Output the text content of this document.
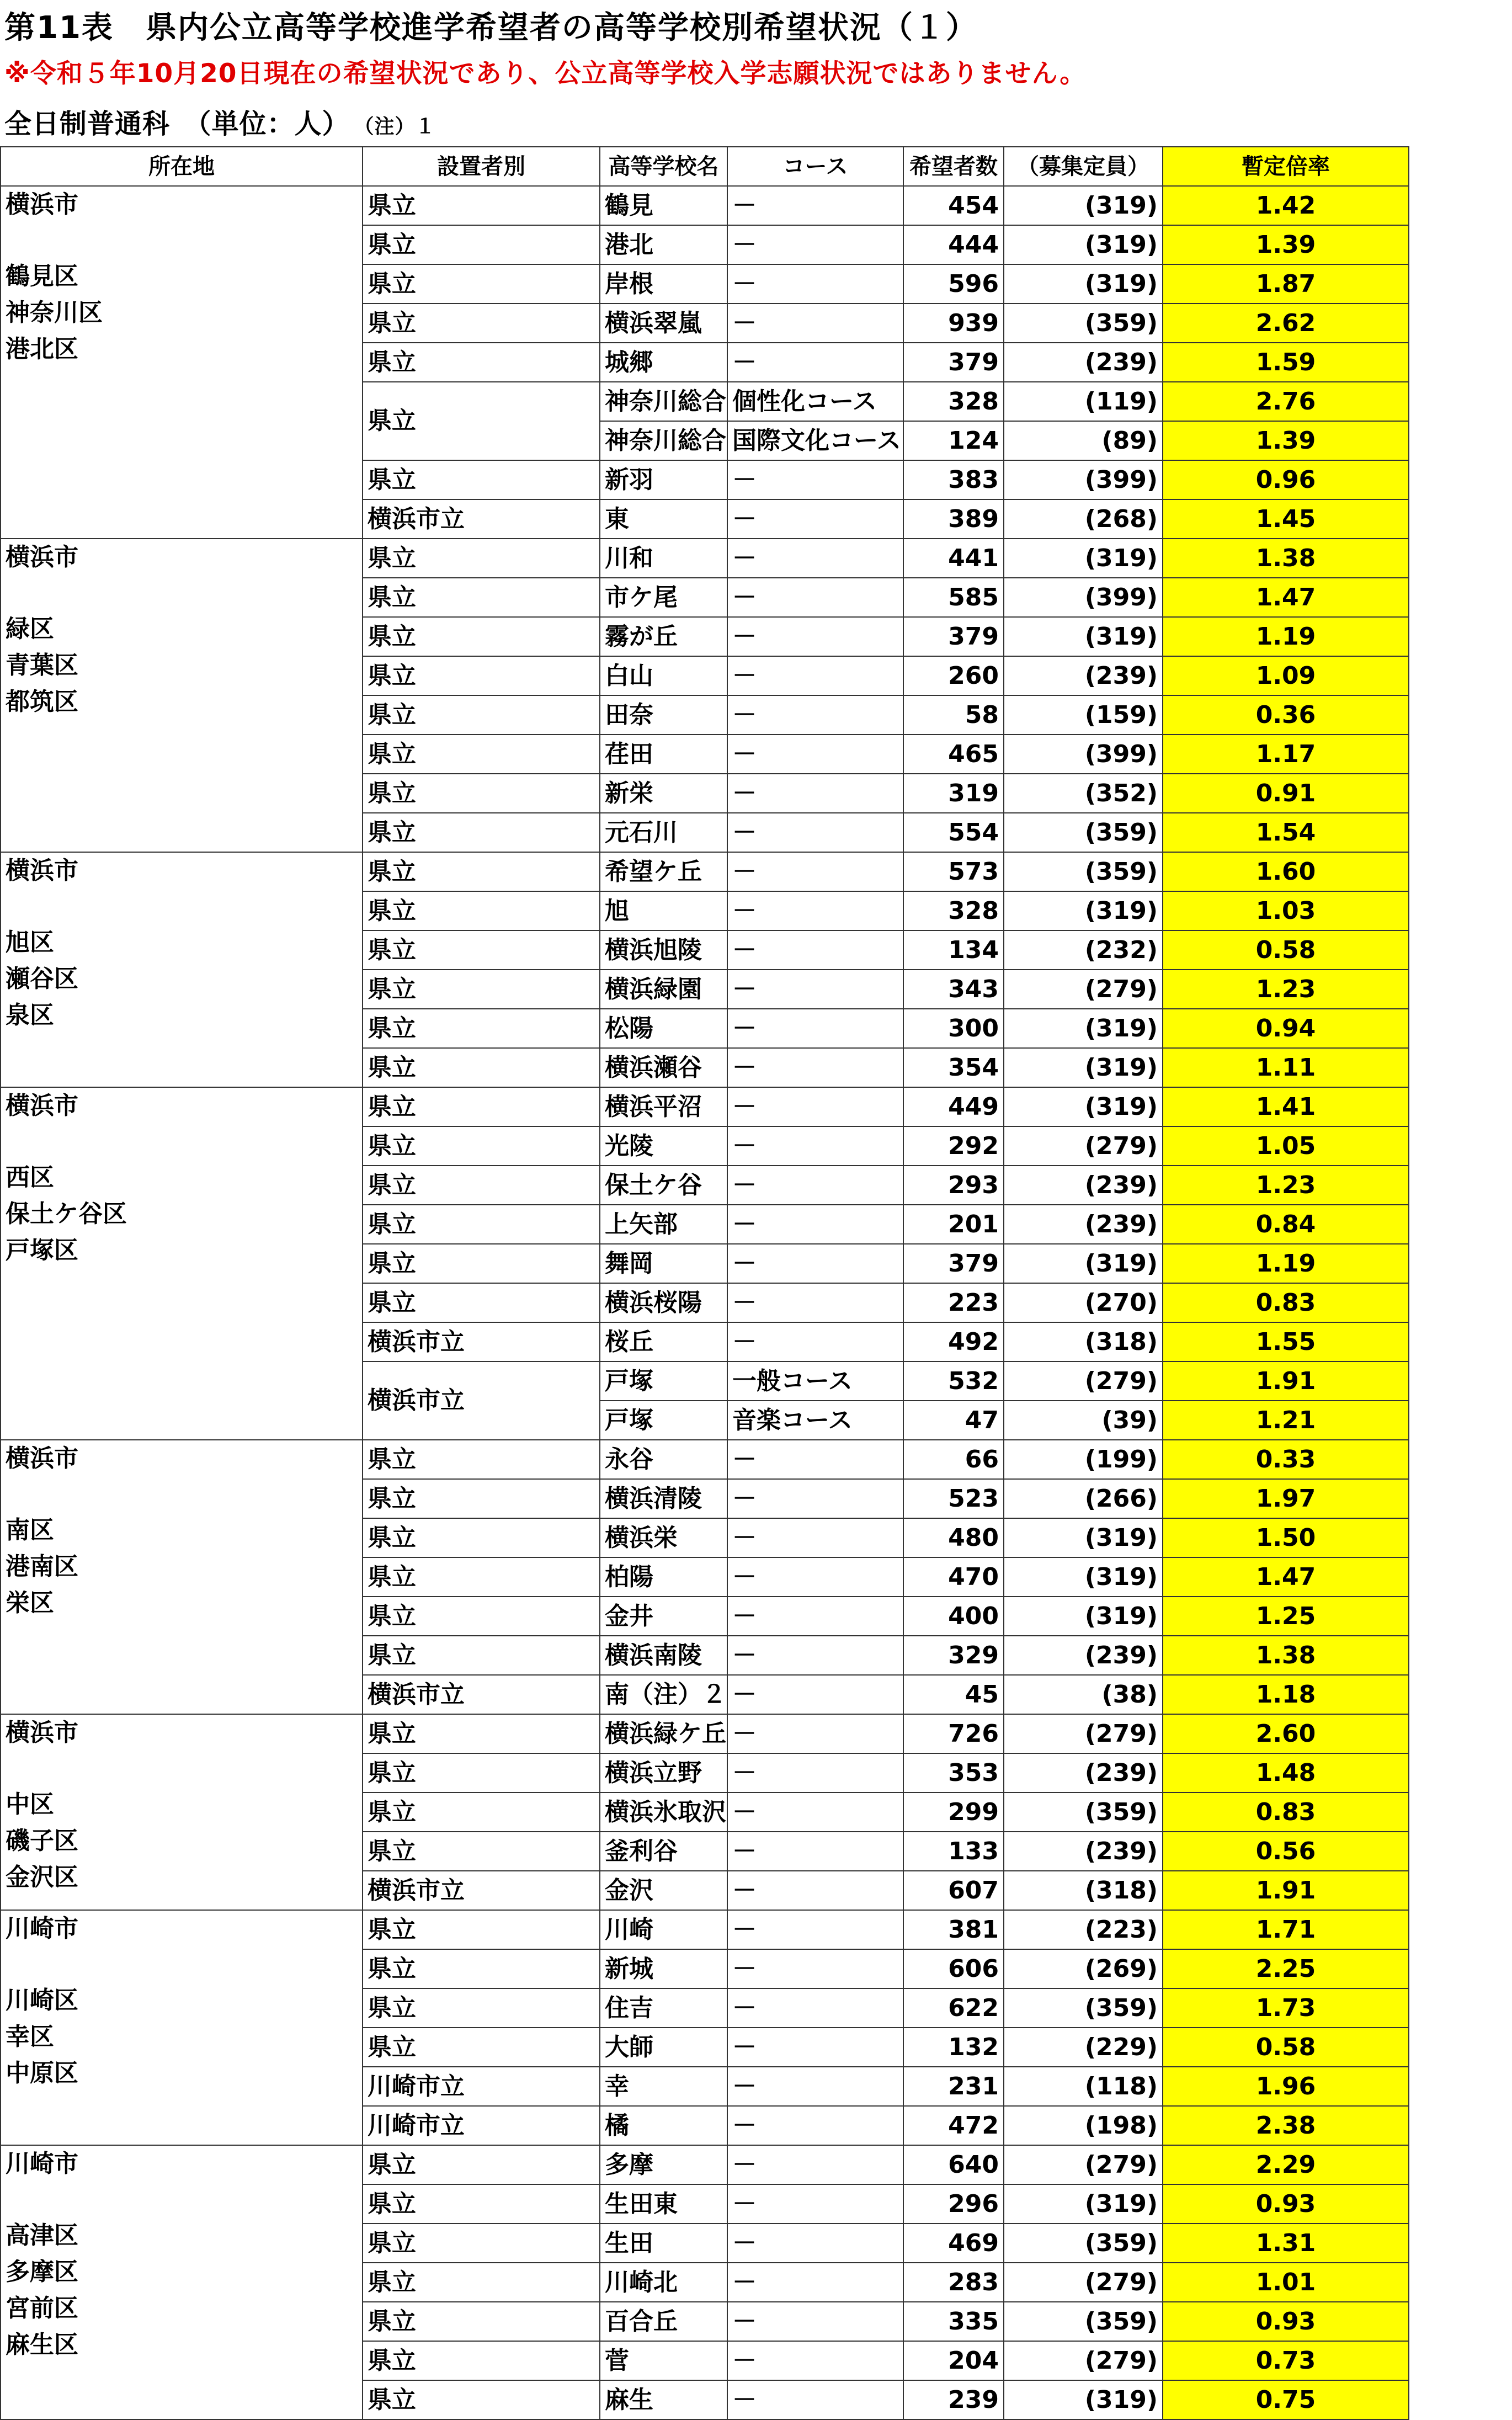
第11表　県内公立高等学校進学希望者の高等学校別希望状況（１）
※令和５年10月20日現在の希望状況であり、公立高等学校入学志願状況ではありません。
全日制普通科　（単位：人） （注）１
所在地	設置者別	高等学校名	コース	希望者数	（募集定員）	暫定倍率

横浜市
鶴見区
神奈川区
港北区	県立	鶴見	－	454	(319)	1.42
	県立	港北	－	444	(319)	1.39
	県立	岸根	－	596	(319)	1.87
	県立	横浜翠嵐	－	939	(359)	2.62
	県立	城郷	－	379	(239)	1.59
	県立	神奈川総合	個性化コース	328	(119)	2.76
		神奈川総合	国際文化コース	124	(89)	1.39
	県立	新羽	－	383	(399)	0.96
	横浜市立	東	－	389	(268)	1.45

横浜市
緑区
青葉区
都筑区	県立	川和	－	441	(319)	1.38
	県立	市ケ尾	－	585	(399)	1.47
	県立	霧が丘	－	379	(319)	1.19
	県立	白山	－	260	(239)	1.09
	県立	田奈	－	58	(159)	0.36
	県立	荏田	－	465	(399)	1.17
	県立	新栄	－	319	(352)	0.91
	県立	元石川	－	554	(359)	1.54

横浜市
旭区
瀬谷区
泉区	県立	希望ケ丘	－	573	(359)	1.60
	県立	旭	－	328	(319)	1.03
	県立	横浜旭陵	－	134	(232)	0.58
	県立	横浜緑園	－	343	(279)	1.23
	県立	松陽	－	300	(319)	0.94
	県立	横浜瀬谷	－	354	(319)	1.11

横浜市
西区
保土ケ谷区
戸塚区	県立	横浜平沼	－	449	(319)	1.41
	県立	光陵	－	292	(279)	1.05
	県立	保土ケ谷	－	293	(239)	1.23
	県立	上矢部	－	201	(239)	0.84
	県立	舞岡	－	379	(319)	1.19
	県立	横浜桜陽	－	223	(270)	0.83
	横浜市立	桜丘	－	492	(318)	1.55
	横浜市立	戸塚	一般コース	532	(279)	1.91
		戸塚	音楽コース	47	(39)	1.21

横浜市
南区
港南区
栄区	県立	永谷	－	66	(199)	0.33
	県立	横浜清陵	－	523	(266)	1.97
	県立	横浜栄	－	480	(319)	1.50
	県立	柏陽	－	470	(319)	1.47
	県立	金井	－	400	(319)	1.25
	県立	横浜南陵	－	329	(239)	1.38
	横浜市立	南（注）２	－	45	(38)	1.18

横浜市
中区
磯子区
金沢区	県立	横浜緑ケ丘	－	726	(279)	2.60
	県立	横浜立野	－	353	(239)	1.48
	県立	横浜氷取沢	－	299	(359)	0.83
	県立	釜利谷	－	133	(239)	0.56
	横浜市立	金沢	－	607	(318)	1.91

川崎市
川崎区
幸区
中原区	県立	川崎	－	381	(223)	1.71
	県立	新城	－	606	(269)	2.25
	県立	住吉	－	622	(359)	1.73
	県立	大師	－	132	(229)	0.58
	川崎市立	幸	－	231	(118)	1.96
	川崎市立	橘	－	472	(198)	2.38

川崎市
高津区
多摩区
宮前区
麻生区	県立	多摩	－	640	(279)	2.29
	県立	生田東	－	296	(319)	0.93
	県立	生田	－	469	(359)	1.31
	県立	川崎北	－	283	(279)	1.01
	県立	百合丘	－	335	(359)	0.93
	県立	菅	－	204	(279)	0.73
	県立	麻生	－	239	(319)	0.75
